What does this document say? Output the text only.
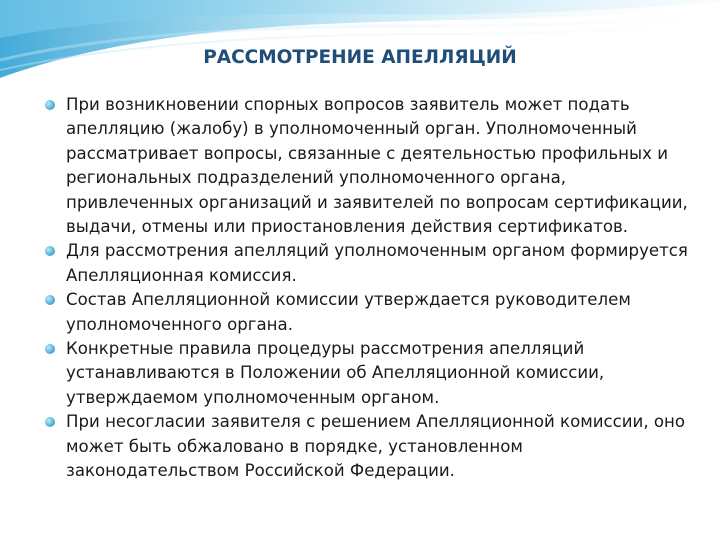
РАССМОТРЕНИЕ АПЕЛЛЯЦИЙ
При возникновении спорных вопросов заявитель может подать апелляцию (жалобу) в уполномоченный орган. Уполномоченный рассматривает вопросы, связанные с деятельностью профильных и региональных подразделений уполномоченного органа, привлеченных организаций и заявителей по вопросам сертификации, выдачи, отмены или приостановления действия сертификатов.
Для рассмотрения апелляций уполномоченным органом формируется Апелляционная комиссия.
Состав Апелляционной комиссии утверждается руководителем уполномоченного органа.
Конкретные правила процедуры рассмотрения апелляций устанавливаются в Положении об Апелляционной комиссии, утверждаемом уполномоченным органом.
При несогласии заявителя с решением Апелляционной комиссии, оно может быть обжаловано в порядке, установленном законодательством Российской Федерации.
